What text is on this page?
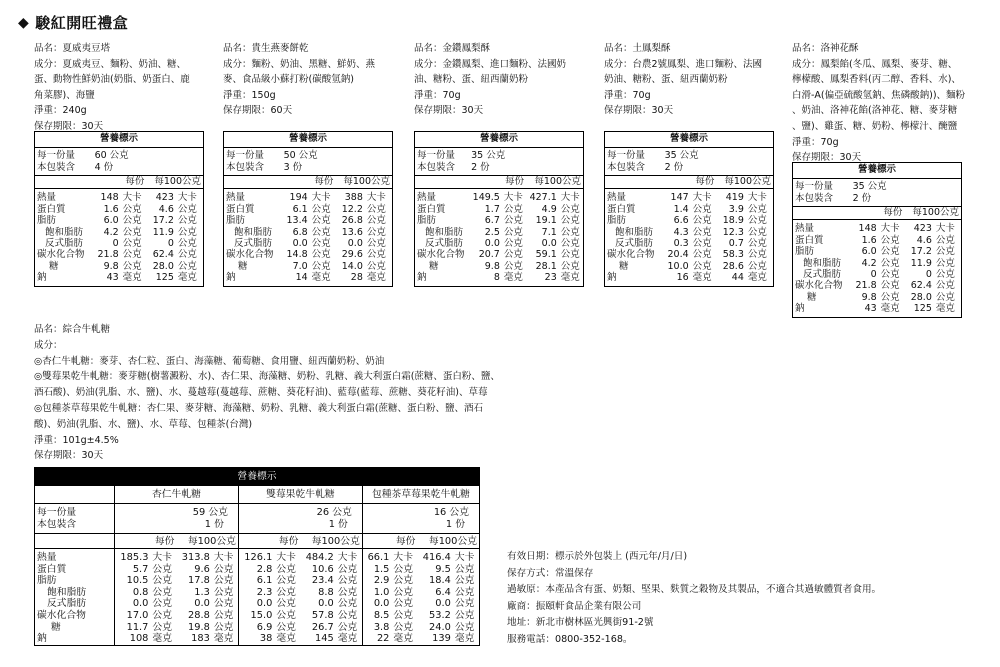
◆ 駿紅開旺禮盒
品名：夏威夷豆塔
成分：夏威夷豆、麵粉、奶油、糖、
蛋、動物性鮮奶油(奶脂、奶蛋白、鹿
角菜膠)、海鹽
淨重：240g
保存期限：30天
營養標示				
每一份量	60 公克			
本包裝含	4 份			
	每份		每100公克	
熱量	148	大卡	423	大卡
蛋白質	1.6	公克	4.6	公克
脂肪	6.0	公克	17.2	公克
飽和脂肪	4.2	公克	11.9	公克
反式脂肪	0	公克	0	公克
碳水化合物	21.8	公克	62.4	公克
糖	9.8	公克	28.0	公克
鈉	43	毫克	125	毫克

品名：貴生燕麥餅乾
成分：麵粉、奶油、黑糖、鮮奶、燕
麥、食品級小蘇打粉(碳酸氫鈉)
淨重：150g
保存期限：60天
營養標示				
每一份量	50 公克			
本包裝含	3 份			
	每份		每100公克	
熱量	194	大卡	388	大卡
蛋白質	6.1	公克	12.2	公克
脂肪	13.4	公克	26.8	公克
飽和脂肪	6.8	公克	13.6	公克
反式脂肪	0.0	公克	0.0	公克
碳水化合物	14.8	公克	29.6	公克
糖	7.0	公克	14.0	公克
鈉	14	毫克	28	毫克

品名：金鑽鳳梨酥
成分：金鑽鳳梨、進口麵粉、法國奶
油、糖粉、蛋、紐西蘭奶粉
淨重：70g
保存期限：30天
營養標示				
每一份量	35 公克			
本包裝含	2 份			
	每份		每100公克	
熱量	149.5	大卡	427.1	大卡
蛋白質	1.7	公克	4.9	公克
脂肪	6.7	公克	19.1	公克
飽和脂肪	2.5	公克	7.1	公克
反式脂肪	0.0	公克	0.0	公克
碳水化合物	20.7	公克	59.1	公克
糖	9.8	公克	28.1	公克
鈉	8	毫克	23	毫克

品名：土鳳梨酥
成分：台農2號鳳梨、進口麵粉、法國
奶油、糖粉、蛋、紐西蘭奶粉
淨重：70g
保存期限：30天
營養標示				
每一份量	35 公克			
本包裝含	2 份			
	每份		每100公克	
熱量	147	大卡	419	大卡
蛋白質	1.4	公克	3.9	公克
脂肪	6.6	公克	18.9	公克
飽和脂肪	4.3	公克	12.3	公克
反式脂肪	0.3	公克	0.7	公克
碳水化合物	20.4	公克	58.3	公克
糖	10.0	公克	28.6	公克
鈉	16	毫克	44	毫克

品名：洛神花酥
成分：鳳梨餡(冬瓜、鳳梨、麥芽、糖、
檸檬酸、鳳梨香料(丙二醇、香料、水)、
白滑-A(偏亞硫酸氫鈉、焦磷酸鈉))、麵粉
、奶油、洛神花餡(洛神花、糖、麥芽糖
、鹽)、雞蛋、糖、奶粉、檸檬汁、醃鹽
淨重：70g
保存期限：30天
營養標示				
每一份量	35 公克			
本包裝含	2 份			
	每份		每100公克	
熱量	148	大卡	423	大卡
蛋白質	1.6	公克	4.6	公克
脂肪	6.0	公克	17.2	公克
飽和脂肪	4.2	公克	11.9	公克
反式脂肪	0	公克	0	公克
碳水化合物	21.8	公克	62.4	公克
糖	9.8	公克	28.0	公克
鈉	43	毫克	125	毫克

品名：綜合牛軋糖
成分：
◎杏仁牛軋糖：麥芽、杏仁粒、蛋白、海藻糖、葡萄糖、食用鹽、紐西蘭奶粉、奶油
◎雙莓果乾牛軋糖：麥芽糖(樹薯澱粉、水)、杏仁果、海藻糖、奶粉、乳糖、義大利蛋白霜(蔗糖、蛋白粉、鹽、酒石酸)、奶油(乳脂、水、鹽)、水、蔓越莓(蔓越莓、蔗糖、葵花籽油)、藍莓(藍莓、蔗糖、葵花籽油)、草莓
◎包種茶草莓果乾牛軋糖：杏仁果、麥芽糖、海藻糖、奶粉、乳糖、義大利蛋白霜(蔗糖、蛋白粉、鹽、酒石酸)、奶油(乳脂、水、鹽)、水、草莓、包種茶(台灣)
淨重：101g±4.5%
保存期限：30天
營養標示												
	杏仁牛軋糖				雙莓果乾牛軋糖				包種茶草莓果乾牛軋糖			
每一份量	59 公克				26 公克				16 公克			
本包裝含	1 份				1 份				1 份			
	每份		每100公克		每份		每100公克		每份		每100公克	
熱量	185.3	大卡	313.8	大卡	126.1	大卡	484.2	大卡	66.1	大卡	416.4	大卡
蛋白質	5.7	公克	9.6	公克	2.8	公克	10.6	公克	1.5	公克	9.5	公克
脂肪	10.5	公克	17.8	公克	6.1	公克	23.4	公克	2.9	公克	18.4	公克
飽和脂肪	0.8	公克	1.3	公克	2.3	公克	8.8	公克	1.0	公克	6.4	公克
反式脂肪	0.0	公克	0.0	公克	0.0	公克	0.0	公克	0.0	公克	0.0	公克
碳水化合物	17.0	公克	28.8	公克	15.0	公克	57.8	公克	8.5	公克	53.2	公克
糖	11.7	公克	19.8	公克	6.9	公克	26.7	公克	3.8	公克	24.0	公克
鈉	108	毫克	183	毫克	38	毫克	145	毫克	22	毫克	139	毫克
有效日期：標示於外包裝上 (西元年/月/日)
保存方式：常溫保存
過敏原：本產品含有蛋、奶類、堅果、麩質之穀物及其製品，不適合其過敏體質者食用。
廠商：振頤軒食品企業有限公司
地址：新北市樹林區光興街91-2號
服務電話：0800-352-168。
